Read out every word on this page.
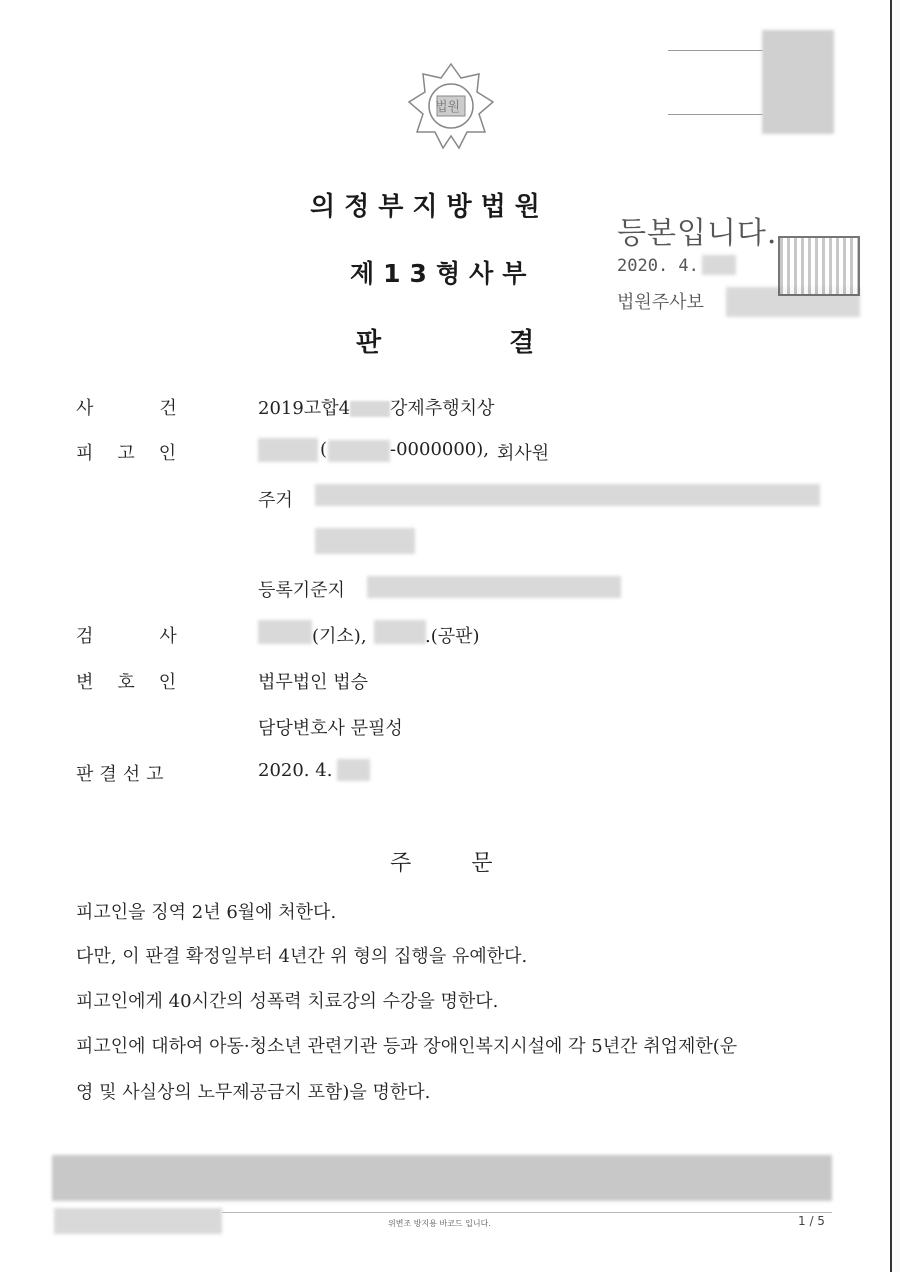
법원
의정부지방법원
제13형사부
판	결
등본입니다.
2020. 4.
법원주사보
사	건	2019고합4 강제추행치상
피 고 인	(	-0000000), 회사원
주거
등록기준지
검	사	(기소),	.(공판)
변 호 인	법무법인 법승
담당변호사 문필성
판 결 선 고	2020. 4.
주	문
피고인을 징역 2년 6월에 처한다.
다만, 이 판결 확정일부터 4년간 위 형의 집행을 유예한다.
피고인에게 40시간의 성폭력 치료강의 수강을 명한다.
피고인에 대하여 아동·청소년 관련기관 등과 장애인복지시설에 각 5년간 취업제한(운
영 및 사실상의 노무제공금지 포함)을 명한다.
위변조 방지용 바코드 입니다.	1 / 5
